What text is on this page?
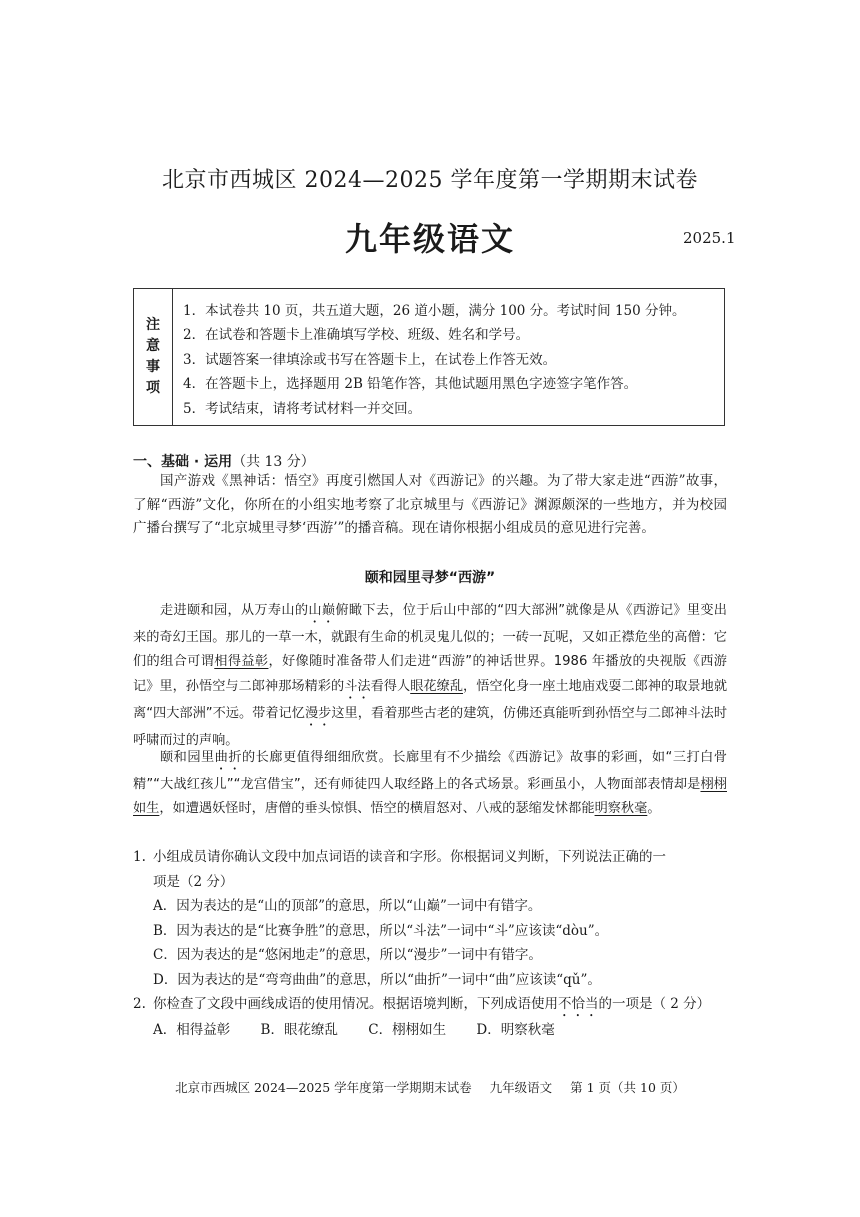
北京市西城区 2024—2025 学年度第一学期期末试卷
九年级语文	2025.1
注
意
事
项
1．本试卷共 10 页，共五道大题，26 道小题，满分 100 分。考试时间 150 分钟。
2．在试卷和答题卡上准确填写学校、班级、姓名和学号。
3．试题答案一律填涂或书写在答题卡上，在试卷上作答无效。
4．在答题卡上，选择题用 2B 铅笔作答，其他试题用黑色字迹签字笔作答。
5．考试结束，请将考试材料一并交回。
一、基础 · 运用（共 13 分）
国产游戏《黑神话：悟空》再度引燃国人对《西游记》的兴趣。为了带大家走进“西游”故事，了解“西游”文化，你所在的小组实地考察了北京城里与《西游记》渊源颇深的一些地方，并为校园广播台撰写了“北京城里寻梦‘西游’”的播音稿。现在请你根据小组成员的意见进行完善。
颐和园里寻梦“西游”
走进颐和园，从万寿山的山巅俯瞰下去，位于后山中部的“四大部洲”就像是从《西游记》里变出来的奇幻王国。那儿的一草一木，就跟有生命的机灵鬼儿似的；一砖一瓦呢，又如正襟危坐的高僧：它们的组合可谓相得益彰，好像随时准备带人们走进“西游”的神话世界。1986 年播放的央视版《西游记》里，孙悟空与二郎神那场精彩的斗法看得人眼花缭乱，悟空化身一座土地庙戏耍二郎神的取景地就离“四大部洲”不远。带着记忆漫步这里，看着那些古老的建筑，仿佛还真能听到孙悟空与二郎神斗法时呼啸而过的声响。
颐和园里曲折的长廊更值得细细欣赏。长廊里有不少描绘《西游记》故事的彩画，如“三打白骨精”“大战红孩儿”“龙宫借宝”，还有师徒四人取经路上的各式场景。彩画虽小，人物面部表情却是栩栩如生，如遭遇妖怪时，唐僧的垂头惊惧、悟空的横眉怒对、八戒的瑟缩发怵都能明察秋毫。
1. 小组成员请你确认文段中加点词语的读音和字形。你根据词义判断，下列说法正确的一
项是（2 分）
A．因为表达的是“山的顶部”的意思，所以“山巅”一词中有错字。
B．因为表达的是“比赛争胜”的意思，所以“斗法”一词中“斗”应该读“dòu”。
C．因为表达的是“悠闲地走”的意思，所以“漫步”一词中有错字。
D．因为表达的是“弯弯曲曲”的意思，所以“曲折”一词中“曲”应该读“qǔ”。
2. 你检查了文段中画线成语的使用情况。根据语境判断，下列成语使用不恰当的一项是（ 2 分）
A．相得益彰 B．眼花缭乱 C．栩栩如生 D．明察秋毫
北京市西城区 2024—2025 学年度第一学期期末试卷 九年级语文 第 1 页（共 10 页）
